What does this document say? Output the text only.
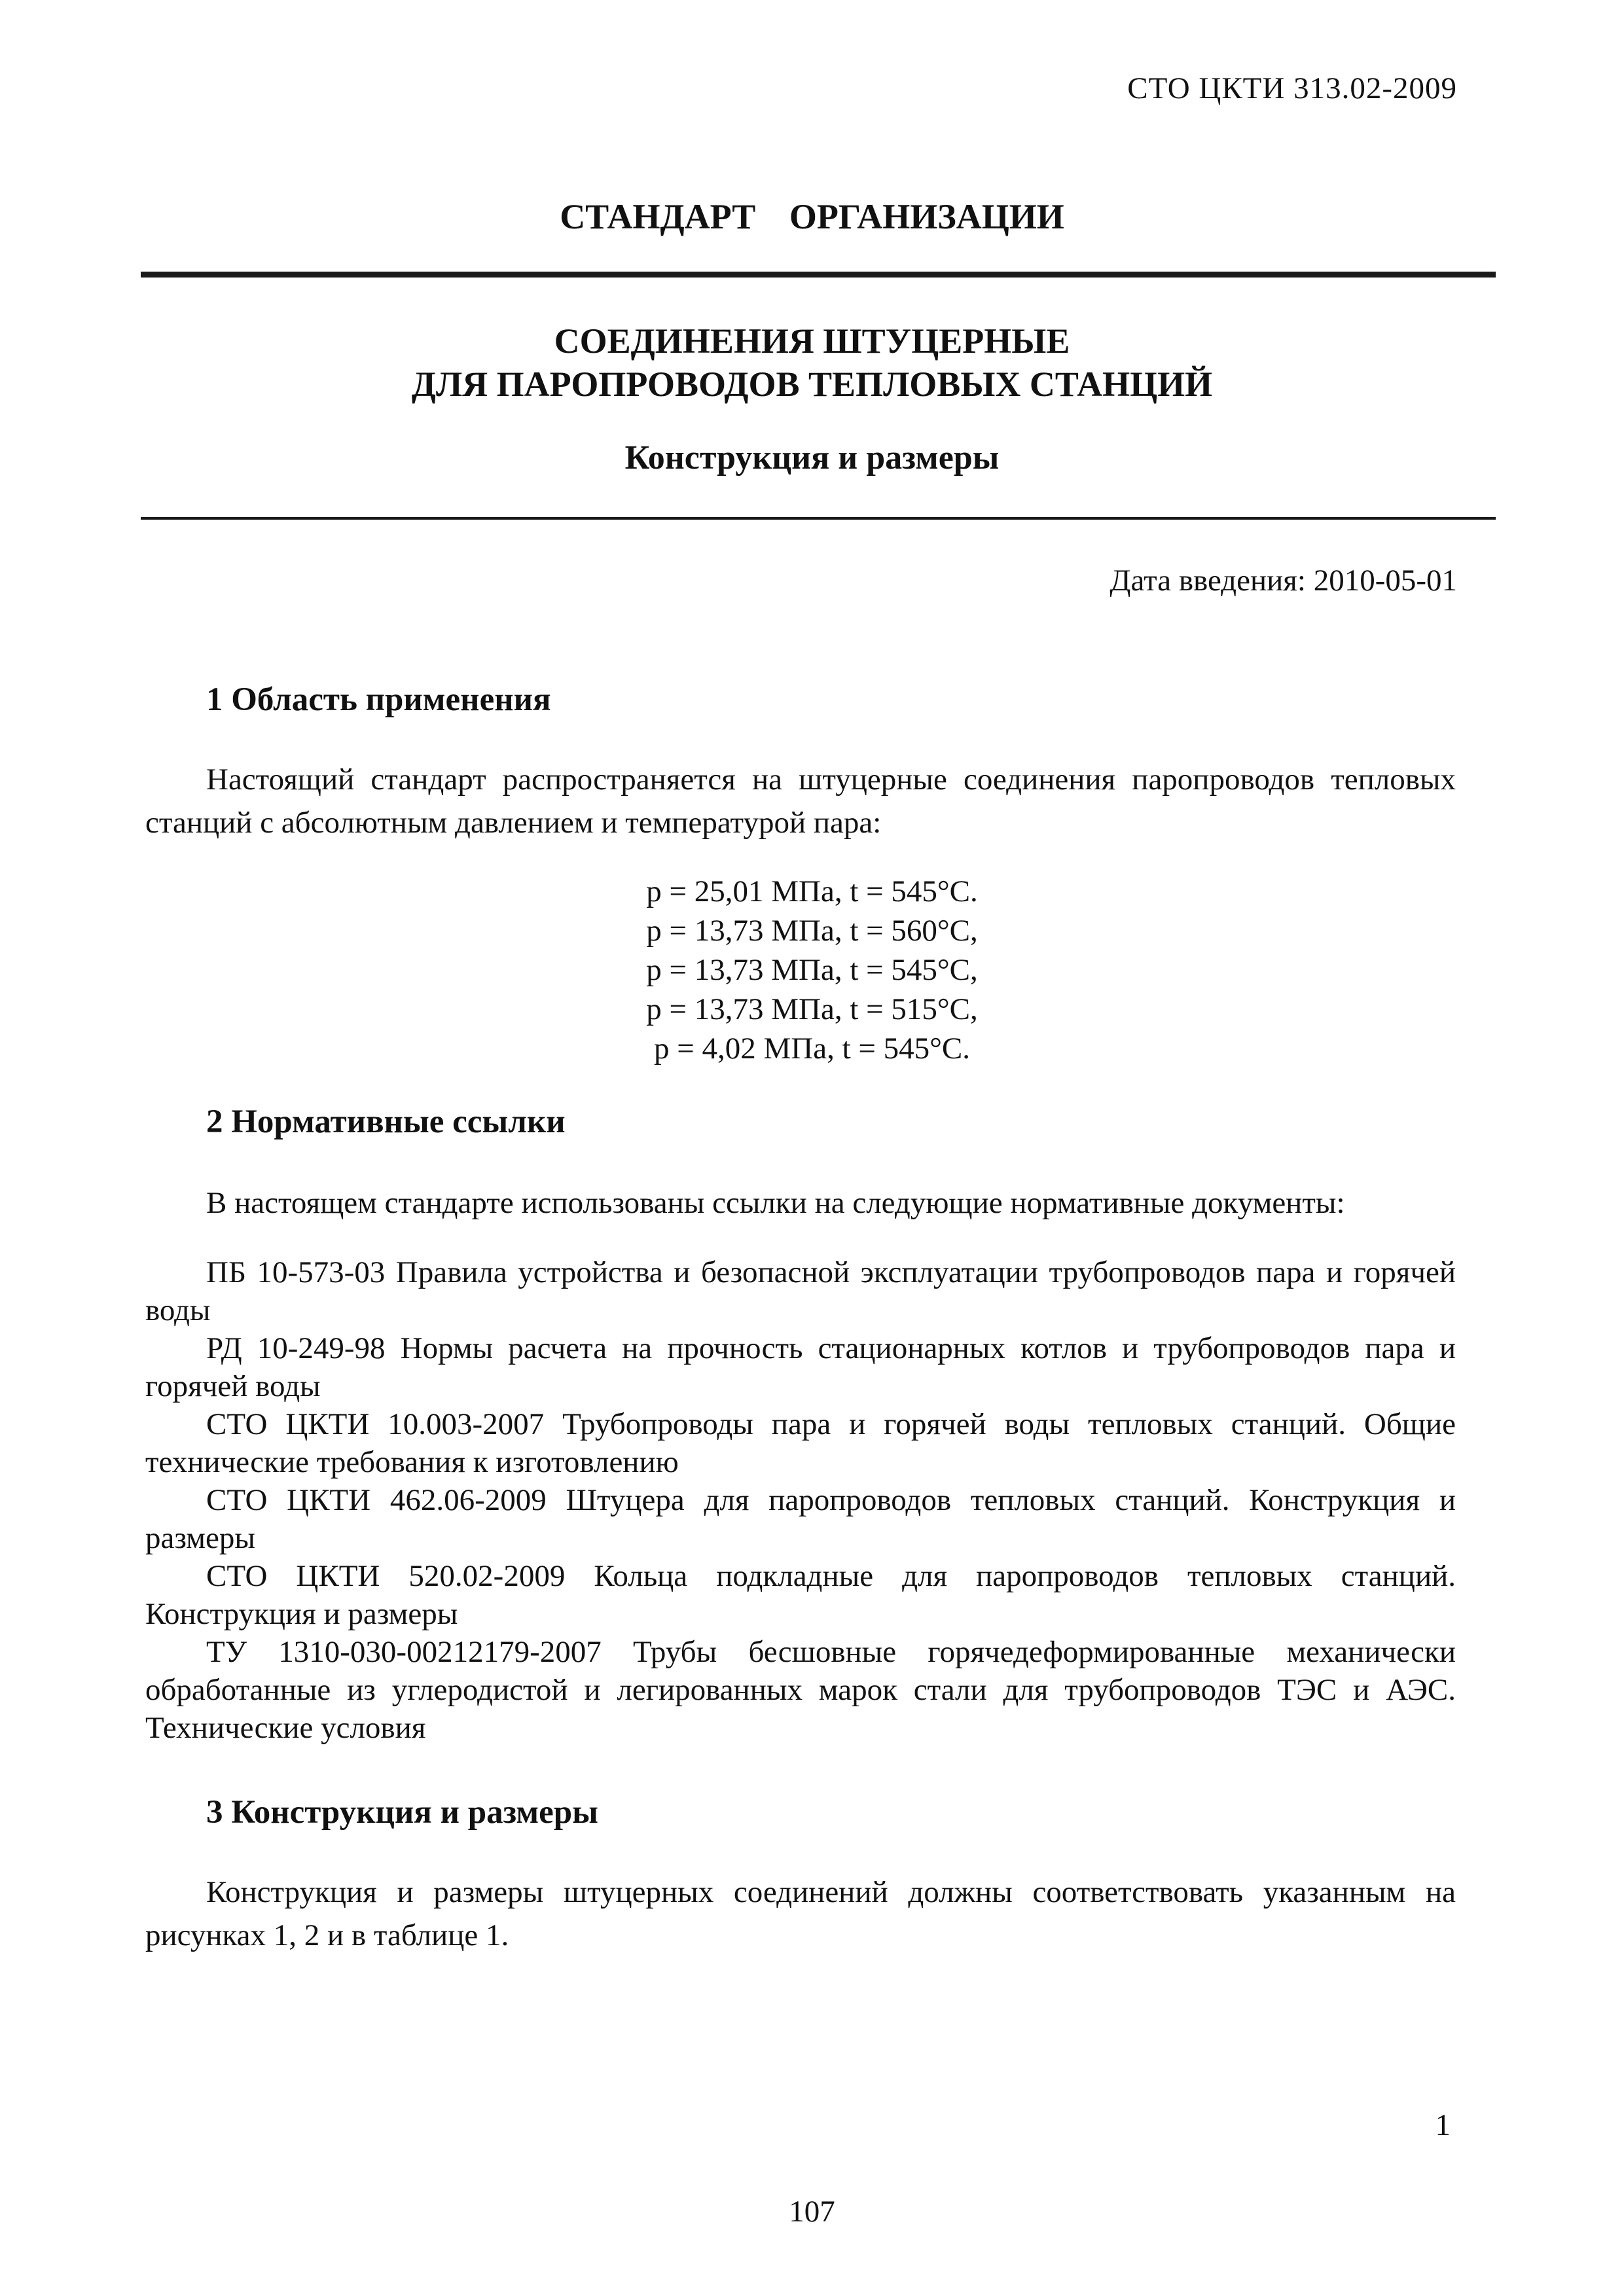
СТО ЦКТИ 313.02-2009
СТАНДАРТ ОРГАНИЗАЦИИ
СОЕДИНЕНИЯ ШТУЦЕРНЫЕ
ДЛЯ ПАРОПРОВОДОВ ТЕПЛОВЫХ СТАНЦИЙ
Конструкция и размеры
Дата введения: 2010-05-01
1 Область применения
Настоящий стандарт распространяется на штуцерные соединения паропроводов тепловых станций с абсолютным давлением и температурой пара:
p = 25,01 МПа, t = 545°С.
p = 13,73 МПа, t = 560°С,
p = 13,73 МПа, t = 545°С,
p = 13,73 МПа, t = 515°С,
p = 4,02 МПа, t = 545°С.
2 Нормативные ссылки
В настоящем стандарте использованы ссылки на следующие нормативные документы:

ПБ 10-573-03 Правила устройства и безопасной эксплуатации трубопроводов пара и горячей воды

РД 10-249-98 Нормы расчета на прочность стационарных котлов и трубопроводов пара и горячей воды

СТО ЦКТИ 10.003-2007 Трубопроводы пара и горячей воды тепловых станций. Общие технические требования к изготовлению

СТО ЦКТИ 462.06-2009 Штуцера для паропроводов тепловых станций. Конструкция и размеры

СТО ЦКТИ 520.02-2009 Кольца подкладные для паропроводов тепловых станций. Конструкция и размеры

ТУ 1310-030-00212179-2007 Трубы бесшовные горячедеформированные механически обработанные из углеродистой и легированных марок стали для трубопроводов ТЭС и АЭС. Технические условия

3 Конструкция и размеры
Конструкция и размеры штуцерных соединений должны соответствовать указанным на рисунках 1, 2 и в таблице 1.
1
107
